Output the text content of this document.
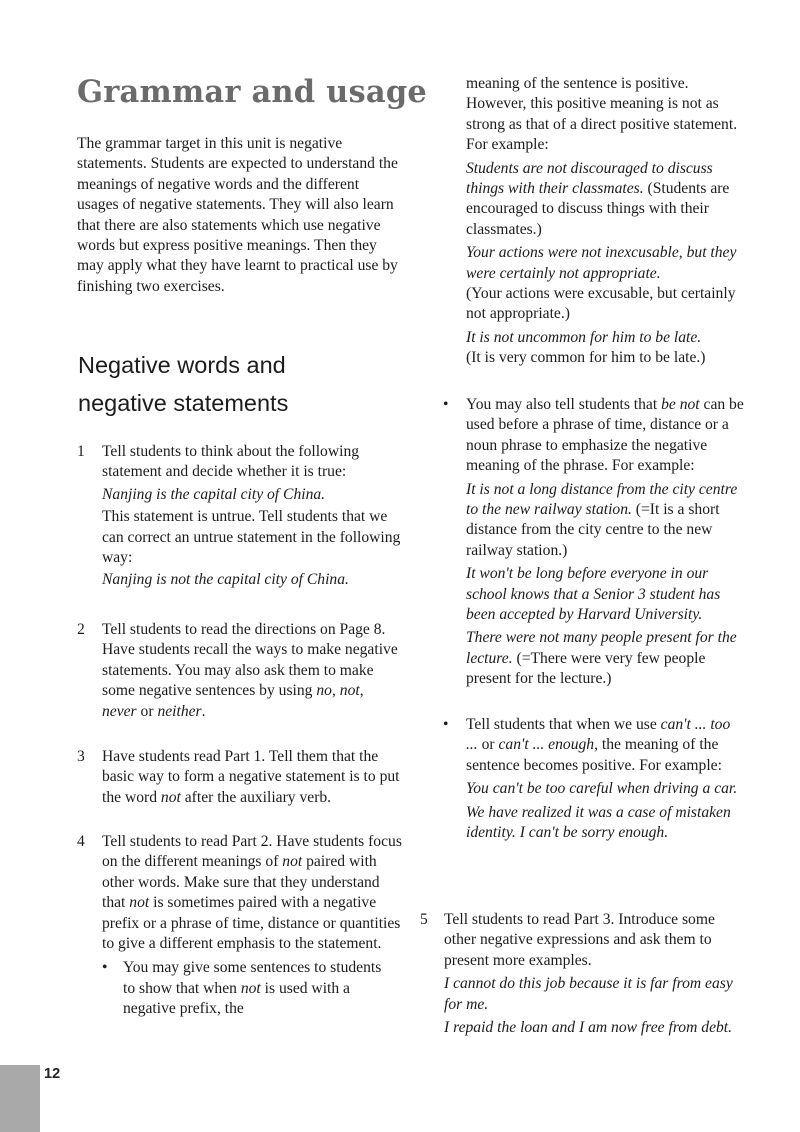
Grammar and usage

The grammar target in this unit is negative statements. Students are expected to understand the meanings of negative words and the different usages of negative statements. They will also learn that there are also statements which use negative words but express positive meanings. Then they may apply what they have learnt to practical use by finishing two exercises.

Negative words and
negative statements
1	Tell students to think about the following statement and decide whether it is true:

Nanjing is the capital city of China.

This statement is untrue. Tell students that we can correct an untrue statement in the following way:

Nanjing is not the capital city of China.

2	Tell students to read the directions on Page 8. Have students recall the ways to make negative statements. You may also ask them to make some negative sentences by using no, not, never or neither.

3	Have students read Part 1. Tell them that the basic way to form a negative statement is to put the word not after the auxiliary verb.

4	Tell students to read Part 2. Have students focus on the different meanings of not paired with other words. Make sure that they understand that not is sometimes paired with a negative prefix or a phrase of time, distance or quantities to give a different emphasis to the statement.

• You may give some sentences to students to show that when not is used with a negative prefix, the

meaning of the sentence is positive. However, this positive meaning is not as strong as that of a direct positive statement. For example:

Students are not discouraged to discuss things with their classmates. (Students are encouraged to discuss things with their classmates.)

Your actions were not inexcusable, but they were certainly not appropriate.
(Your actions were excusable, but certainly not appropriate.)

It is not uncommon for him to be late.
(It is very common for him to be late.)

• You may also tell students that be not can be used before a phrase of time, distance or a noun phrase to emphasize the negative meaning of the phrase. For example:

It is not a long distance from the city centre to the new railway station. (=It is a short distance from the city centre to the new railway station.)

It won't be long before everyone in our school knows that a Senior 3 student has been accepted by Harvard University.

There were not many people present for the lecture. (=There were very few people present for the lecture.)

• Tell students that when we use can't ... too ... or can't ... enough, the meaning of the sentence becomes positive. For example:

You can't be too careful when driving a car.

We have realized it was a case of mistaken identity. I can't be sorry enough.

5	Tell students to read Part 3. Introduce some other negative expressions and ask them to present more examples.

I cannot do this job because it is far from easy for me.

I repaid the loan and I am now free from debt.

12
